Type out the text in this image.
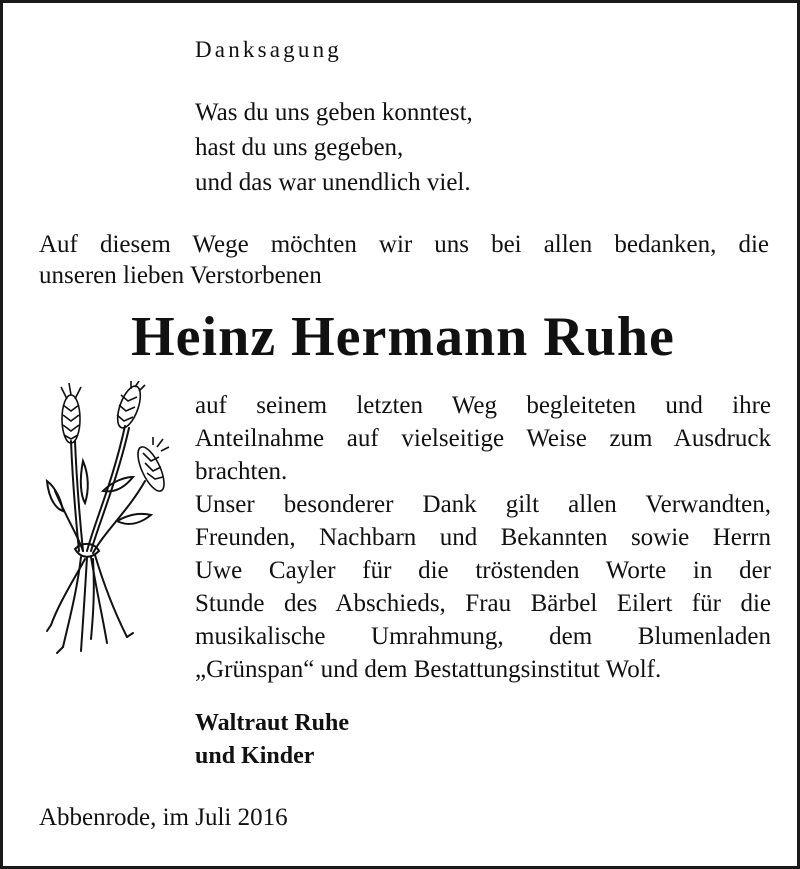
Danksagung
Was du uns geben konntest,
hast du uns gegeben,
und das war unendlich viel.
Auf diesem Wege möchten wir uns bei allen bedanken, die
unseren lieben Verstorbenen
Heinz Hermann Ruhe
auf seinem letzten Weg begleiteten und ihre
Anteilnahme auf vielseitige Weise zum Ausdruck
brachten.
Unser besonderer Dank gilt allen Verwandten,
Freunden, Nachbarn und Bekannten sowie Herrn
Uwe Cayler für die tröstenden Worte in der
Stunde des Abschieds, Frau Bärbel Eilert für die
musikalische Umrahmung, dem Blumenladen
„Grünspan“ und dem Bestattungsinstitut Wolf.
Waltraut Ruhe
und Kinder
Abbenrode, im Juli 2016
